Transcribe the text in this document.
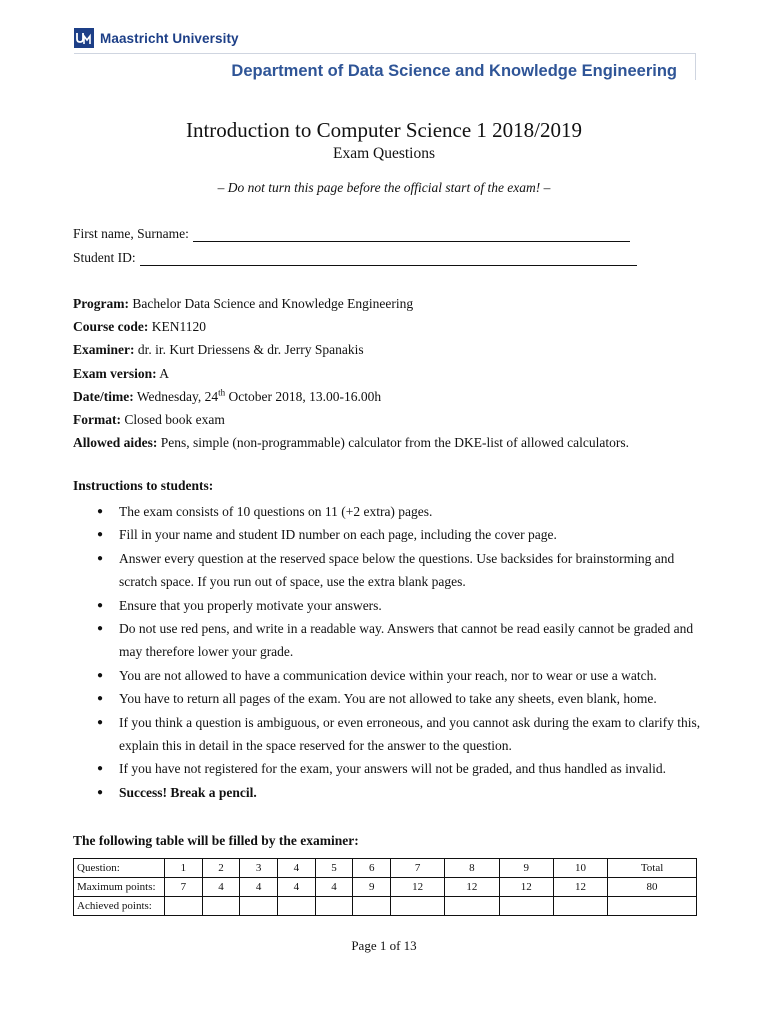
Maastricht University
Department of Data Science and Knowledge Engineering
Introduction to Computer Science 1 2018/2019
Exam Questions
– Do not turn this page before the official start of the exam! –
First name, Surname:
Student ID:
Program: Bachelor Data Science and Knowledge Engineering
Course code: KEN1120
Examiner: dr. ir. Kurt Driessens & dr. Jerry Spanakis
Exam version: A
Date/time: Wednesday, 24th October 2018, 13.00-16.00h
Format: Closed book exam
Allowed aides: Pens, simple (non-programmable) calculator from the DKE-list of allowed calculators.
Instructions to students:
● The exam consists of 10 questions on 11 (+2 extra) pages.
● Fill in your name and student ID number on each page, including the cover page.
● Answer every question at the reserved space below the questions. Use backsides for brainstorming and scratch space. If you run out of space, use the extra blank pages.
● Ensure that you properly motivate your answers.
● Do not use red pens, and write in a readable way. Answers that cannot be read easily cannot be graded and may therefore lower your grade.
● You are not allowed to have a communication device within your reach, nor to wear or use a watch.
● You have to return all pages of the exam. You are not allowed to take any sheets, even blank, home.
● If you think a question is ambiguous, or even erroneous, and you cannot ask during the exam to clarify this, explain this in detail in the space reserved for the answer to the question.
● If you have not registered for the exam, your answers will not be graded, and thus handled as invalid.
● Success! Break a pencil.
The following table will be filled by the examiner:
Question:	1	2	3	4	5	6	7	8	9	10	Total
Maximum points:	7	4	4	4	4	9	12	12	12	12	80
Achieved points:											
Page 1 of 13
